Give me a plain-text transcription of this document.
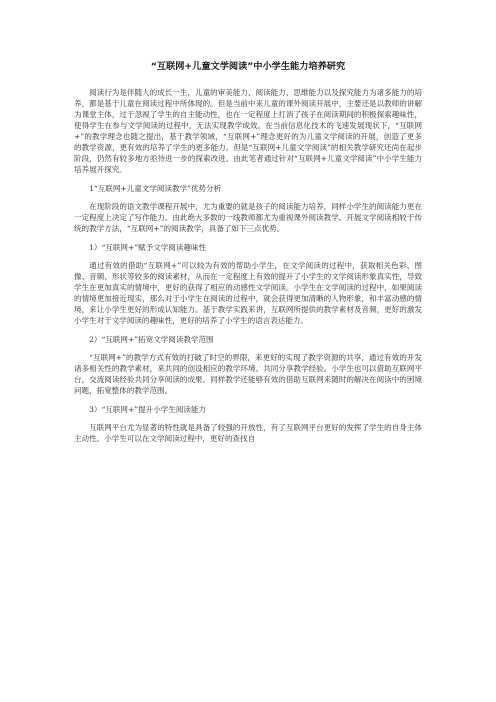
“互联网+儿童文学阅读”中小学生能力培养研究

阅读行为是伴随人的成长一生，儿童的审美能力、阅读能力、思维能力以及探究能力为诸多能力的培养，都是基于儿童在阅读过程中所体现的。但是当前中来儿童的课外阅读开展中，主要还是以教师的讲解为课堂主体，过于忽视了学生的自主能动性，也在一定程度上打消了孩子在阅读期间的积极探索趣味性，使得学生在参与文学阅读的过程中，无法实现教学成效。在当前信息化技术的飞速发展现状下，“互联网+”的教学理念也随之提出，基于教学领域，“互联网+”理念更好的为儿童文学阅读的开展，创造了更多的教学资源，更有效的培养了学生的更多能力。但是“互联网+儿童文学阅读”的相关教学研究还尚在起步阶段，仍然有较多地方亟待进一步的探索改进。由此笔者通过针对“互联网+儿童文学阅读”中小学生能力培养展开探究。

1“互联网+儿童文学阅读教学”优势分析

在现阶段的语文教学课程开展中，尤为重要的就是孩子的阅读能力培养，同样小学生的阅读能力更在一定程度上决定了写作能力。由此绝大多数的一线教师都尤为重视课外阅读教学。开展文学阅读相较于传统的教学方法，“互联网+”的阅读教学，具备了如下三点优势。

1）“互联网+”赋予文学阅读趣味性

通过有效的借助“互联网+”可以较为有效的帮助小学生，在文学阅读的过程中，获取相关色彩、图像、音频、形状等较多的阅读素材，从而在一定程度上有效的提升了小学生的文学阅读形象真实性，导致学生在更加真实的情境中，更好的获得了相应的动感性文学阅读。小学生在文学阅读的过程中，如果阅读的情境更加接近现实，那么对于小学生在阅读的过程中，就会获得更加清晰的人物形象，和丰富动感的情境，来让小学生更好的形成认知能力。基于教学实践来讲，互联网所提供的教学素材及音频，更好的激发小学生对于文学阅读的趣味性，更好的培养了小学生的语言表达能力。

2）“互联网+”拓宽文学阅读教学范围

“互联网+”的教学方式有效的打破了时空的界限，来更好的实现了教学资源的共享，通过有效的开发诸多相关性的教学素材，来共同的创设相应的教学环境、共同分享教学经验。小学生也可以借助互联网平台，交流阅读经验共同分享阅读的成果。同样教学还能够有效的借助互联网来随时的解决在阅读中的困境问题，拓宽整体的教学范围。

3）“互联网+”提升小学生阅读能力

互联网平台尤为显著的特性就是具备了较强的开放性，有了互联网平台更好的发挥了学生的自身主体主动性。小学生可以在文学阅读过程中，更好的查找自
